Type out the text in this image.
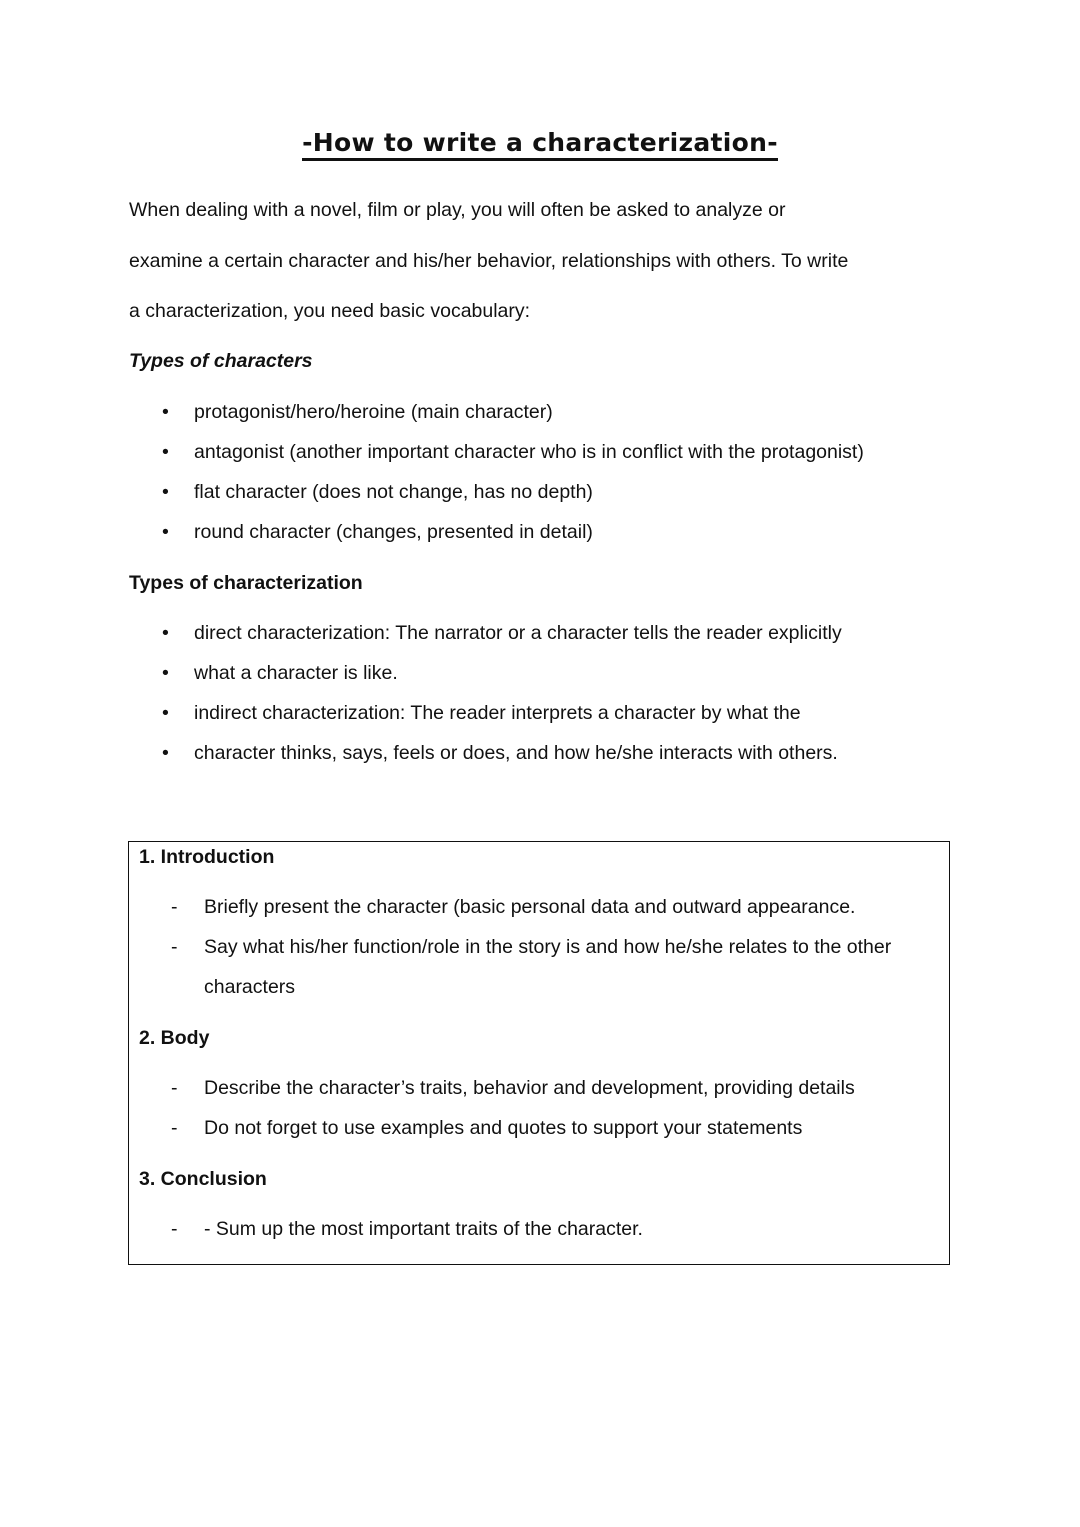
-How to write a characterization-
When dealing with a novel, film or play, you will often be asked to analyze or
examine a certain character and his/her behavior, relationships with others. To write
a characterization, you need basic vocabulary:
Types of characters
• protagonist/hero/heroine (main character)
• antagonist (another important character who is in conflict with the protagonist)
• flat character (does not change, has no depth)
• round character (changes, presented in detail)
Types of characterization
• direct characterization: The narrator or a character tells the reader explicitly
• what a character is like.
• indirect characterization: The reader interprets a character by what the
• character thinks, says, feels or does, and how he/she interacts with others.
1. Introduction
- Briefly present the character (basic personal data and outward appearance.
- Say what his/her function/role in the story is and how he/she relates to the other
characters
2. Body
- Describe the character’s traits, behavior and development, providing details
- Do not forget to use examples and quotes to support your statements
3. Conclusion
- - Sum up the most important traits of the character.
